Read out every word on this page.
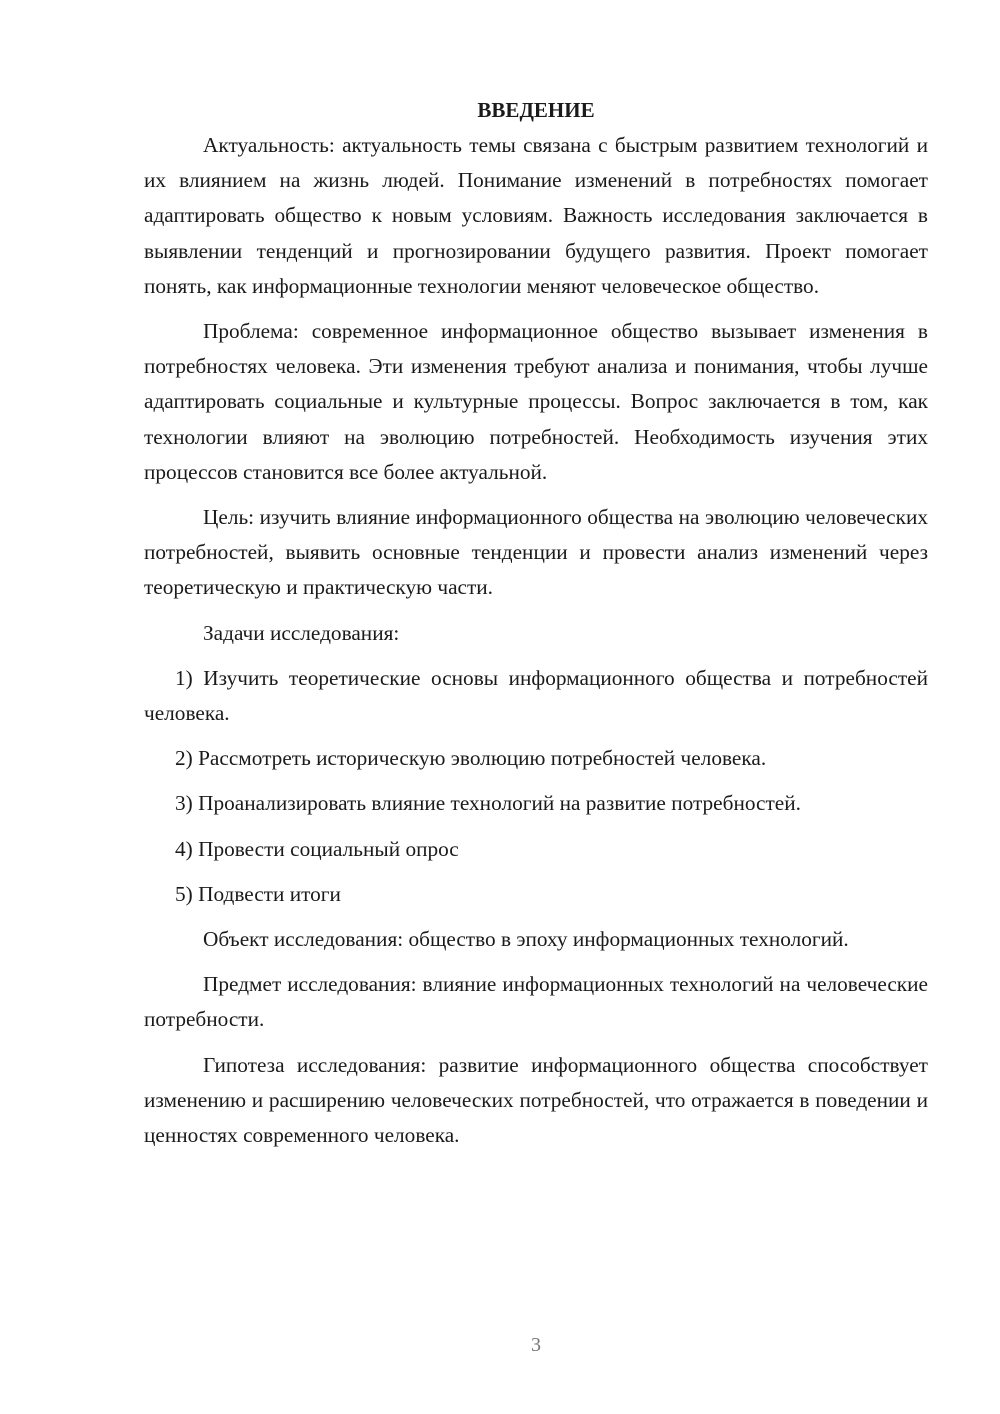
ВВЕДЕНИЕ

Актуальность: актуальность темы связана с быстрым развитием технологий и их влиянием на жизнь людей. Понимание изменений в потребностях помогает адаптировать общество к новым условиям. Важность исследования заключается в выявлении тенденций и прогнозировании будущего развития. Проект помогает понять, как информационные технологии меняют человеческое общество.

Проблема: современное информационное общество вызывает изменения в потребностях человека. Эти изменения требуют анализа и понимания, чтобы лучше адаптировать социальные и культурные процессы. Вопрос заключается в том, как технологии влияют на эволюцию потребностей. Необходимость изучения этих процессов становится все более актуальной.

Цель: изучить влияние информационного общества на эволюцию человеческих потребностей, выявить основные тенденции и провести анализ изменений через теоретическую и практическую части.

Задачи исследования:

1) Изучить теоретические основы информационного общества и потребностей человека.

2) Рассмотреть историческую эволюцию потребностей человека.

3) Проанализировать влияние технологий на развитие потребностей.

4) Провести социальный опрос

5) Подвести итоги

Объект исследования: общество в эпоху информационных технологий.

Предмет исследования: влияние информационных технологий на человеческие потребности.

Гипотеза исследования: развитие информационного общества способствует изменению и расширению человеческих потребностей, что отражается в поведении и ценностях современного человека.

3
